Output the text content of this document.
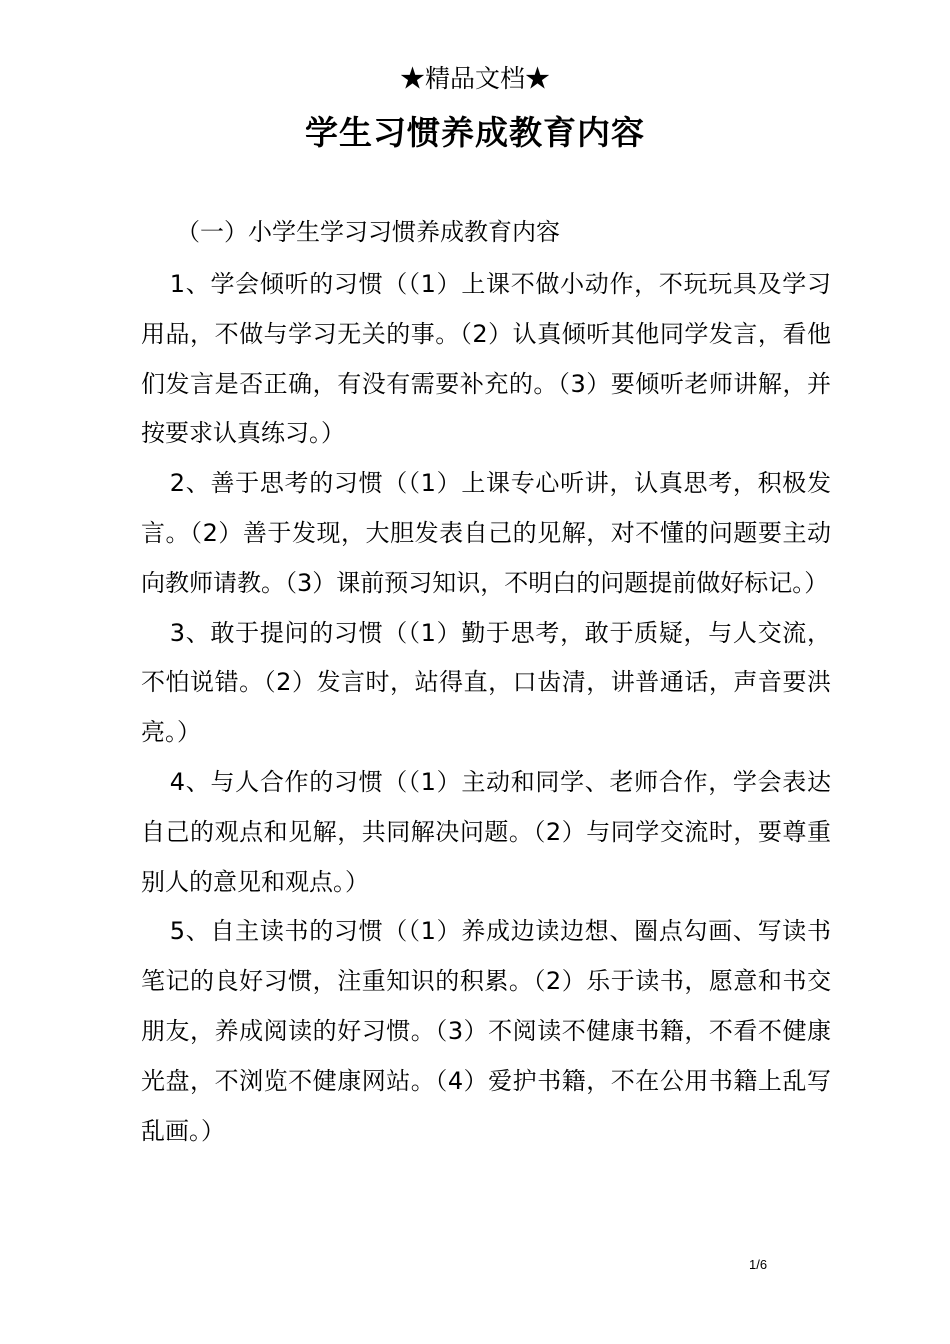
★精品文档★
学生习惯养成教育内容
（一）小学生学习习惯养成教育内容

1、学会倾听的习惯（（1）上课不做小动作，不玩玩具及学习用品，不做与学习无关的事。（2）认真倾听其他同学发言，看他们发言是否正确，有没有需要补充的。（3）要倾听老师讲解，并按要求认真练习。）

2、善于思考的习惯（（1）上课专心听讲，认真思考，积极发言。（2）善于发现，大胆发表自己的见解，对不懂的问题要主动向教师请教。（3）课前预习知识，不明白的问题提前做好标记。）

3、敢于提问的习惯（（1）勤于思考，敢于质疑，与人交流，不怕说错。（2）发言时，站得直，口齿清，讲普通话，声音要洪亮。）

4、与人合作的习惯（（1）主动和同学、老师合作，学会表达自己的观点和见解，共同解决问题。（2）与同学交流时，要尊重别人的意见和观点。）

5、自主读书的习惯（（1）养成边读边想、圈点勾画、写读书笔记的良好习惯，注重知识的积累。（2）乐于读书，愿意和书交朋友，养成阅读的好习惯。（3）不阅读不健康书籍，不看不健康光盘，不浏览不健康网站。（4）爱护书籍，不在公用书籍上乱写乱画。）

1/6
